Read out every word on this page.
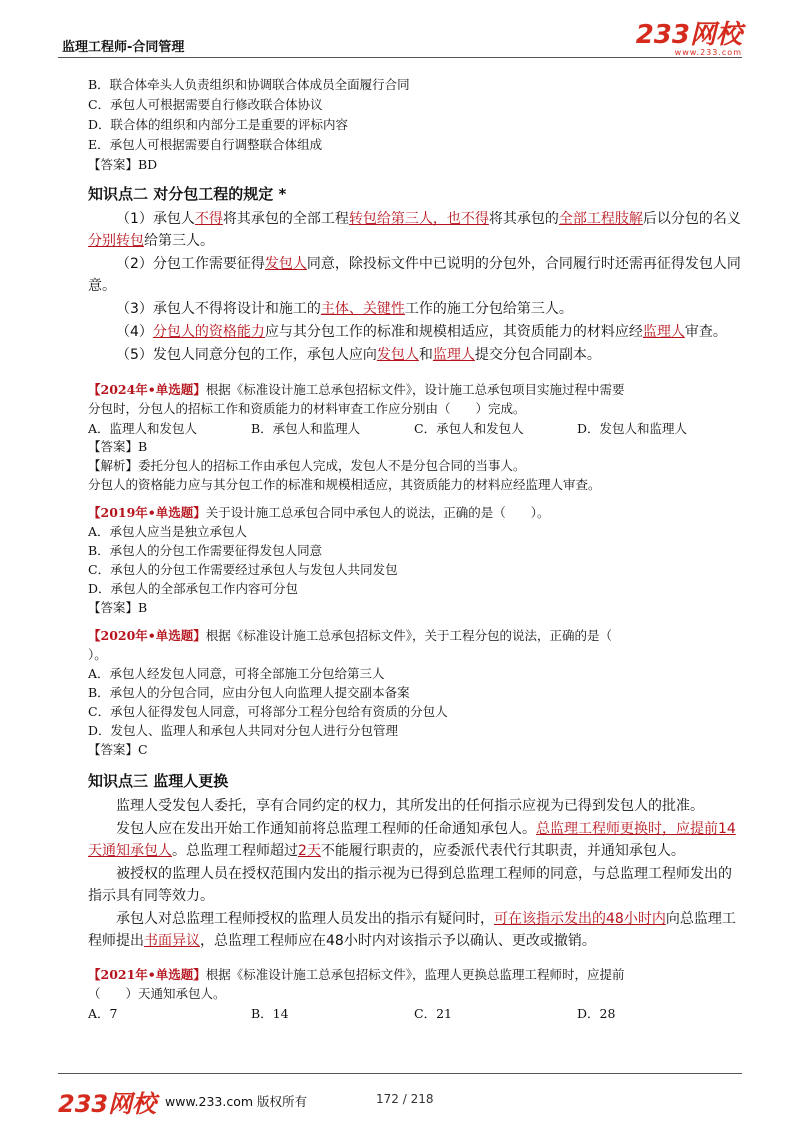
监理工程师-合同管理	233网校
www.233.com
B．联合体牵头人负责组织和协调联合体成员全面履行合同
C．承包人可根据需要自行修改联合体协议
D．联合体的组织和内部分工是重要的评标内容
E．承包人可根据需要自行调整联合体组成
【答案】BD
知识点二 对分包工程的规定 *
（1）承包人不得将其承包的全部工程转包给第三人，也不得将其承包的全部工程肢解后以分包的名义分别转包给第三人。
（2）分包工作需要征得发包人同意，除投标文件中已说明的分包外，合同履行时还需再征得发包人同意。
（3）承包人不得将设计和施工的主体、关键性工作的施工分包给第三人。
（4）分包人的资格能力应与其分包工作的标准和规模相适应，其资质能力的材料应经监理人审查。
（5）发包人同意分包的工作，承包人应向发包人和监理人提交分包合同副本。
【2024年•单选题】根据《标准设计施工总承包招标文件》，设计施工总承包项目实施过程中需要
分包时，分包人的招标工作和资质能力的材料审查工作应分别由（　　）完成。
A．监理人和发包人	B．承包人和监理人	C．承包人和发包人	D．发包人和监理人
【答案】B
【解析】委托分包人的招标工作由承包人完成，发包人不是分包合同的当事人。
分包人的资格能力应与其分包工作的标准和规模相适应，其资质能力的材料应经监理人审查。
【2019年•单选题】关于设计施工总承包合同中承包人的说法，正确的是（　　）。
A．承包人应当是独立承包人
B．承包人的分包工作需要征得发包人同意
C．承包人的分包工作需要经过承包人与发包人共同发包
D．承包人的全部承包工作内容可分包
【答案】B
【2020年•单选题】根据《标准设计施工总承包招标文件》，关于工程分包的说法，正确的是（
）。
A．承包人经发包人同意，可将全部施工分包给第三人
B．承包人的分包合同，应由分包人向监理人提交副本备案
C．承包人征得发包人同意，可将部分工程分包给有资质的分包人
D．发包人、监理人和承包人共同对分包人进行分包管理
【答案】C
知识点三 监理人更换
监理人受发包人委托，享有合同约定的权力，其所发出的任何指示应视为已得到发包人的批准。
发包人应在发出开始工作通知前将总监理工程师的任命通知承包人。总监理工程师更换时，应提前14天通知承包人。总监理工程师超过2天不能履行职责的，应委派代表代行其职责，并通知承包人。
被授权的监理人员在授权范围内发出的指示视为已得到总监理工程师的同意，与总监理工程师发出的指示具有同等效力。
承包人对总监理工程师授权的监理人员发出的指示有疑问时，可在该指示发出的48小时内向总监理工程师提出书面异议，总监理工程师应在48小时内对该指示予以确认、更改或撤销。
【2021年•单选题】根据《标准设计施工总承包招标文件》，监理人更换总监理工程师时，应提前
（　　）天通知承包人。
A．7	B．14	C．21	D．28
233网校 www.233.com 版权所有	172 / 218
